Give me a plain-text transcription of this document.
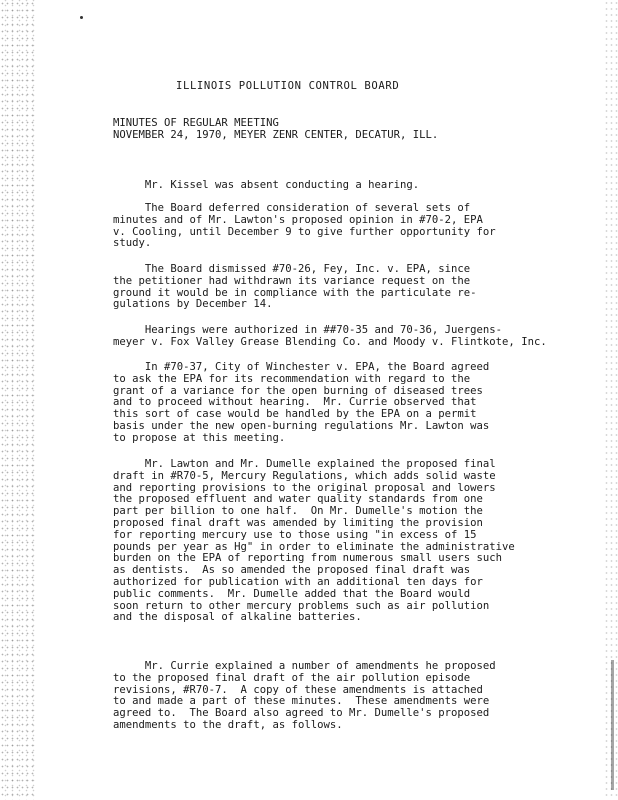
ILLINOIS POLLUTION CONTROL BOARD
MINUTES OF REGULAR MEETING
NOVEMBER 24, 1970, MEYER ZENR CENTER, DECATUR, ILL.
Mr. Kissel was absent conducting a hearing.
The Board deferred consideration of several sets of
minutes and of Mr. Lawton's proposed opinion in #70-2, EPA
v. Cooling, until December 9 to give further opportunity for
study.
The Board dismissed #70-26, Fey, Inc. v. EPA, since
the petitioner had withdrawn its variance request on the
ground it would be in compliance with the particulate re-
gulations by December 14.
Hearings were authorized in ##70-35 and 70-36, Juergens-
meyer v. Fox Valley Grease Blending Co. and Moody v. Flintkote, Inc.
In #70-37, City of Winchester v. EPA, the Board agreed
to ask the EPA for its recommendation with regard to the
grant of a variance for the open burning of diseased trees
and to proceed without hearing.  Mr. Currie observed that
this sort of case would be handled by the EPA on a permit
basis under the new open-burning regulations Mr. Lawton was
to propose at this meeting.
Mr. Lawton and Mr. Dumelle explained the proposed final
draft in #R70-5, Mercury Regulations, which adds solid waste
and reporting provisions to the original proposal and lowers
the proposed effluent and water quality standards from one
part per billion to one half.  On Mr. Dumelle's motion the
proposed final draft was amended by limiting the provision
for reporting mercury use to those using "in excess of 15
pounds per year as Hg" in order to eliminate the administrative
burden on the EPA of reporting from numerous small users such
as dentists.  As so amended the proposed final draft was
authorized for publication with an additional ten days for
public comments.  Mr. Dumelle added that the Board would
soon return to other mercury problems such as air pollution
and the disposal of alkaline batteries.
Mr. Currie explained a number of amendments he proposed
to the proposed final draft of the air pollution episode
revisions, #R70-7.  A copy of these amendments is attached
to and made a part of these minutes.  These amendments were
agreed to.  The Board also agreed to Mr. Dumelle's proposed
amendments to the draft, as follows.
